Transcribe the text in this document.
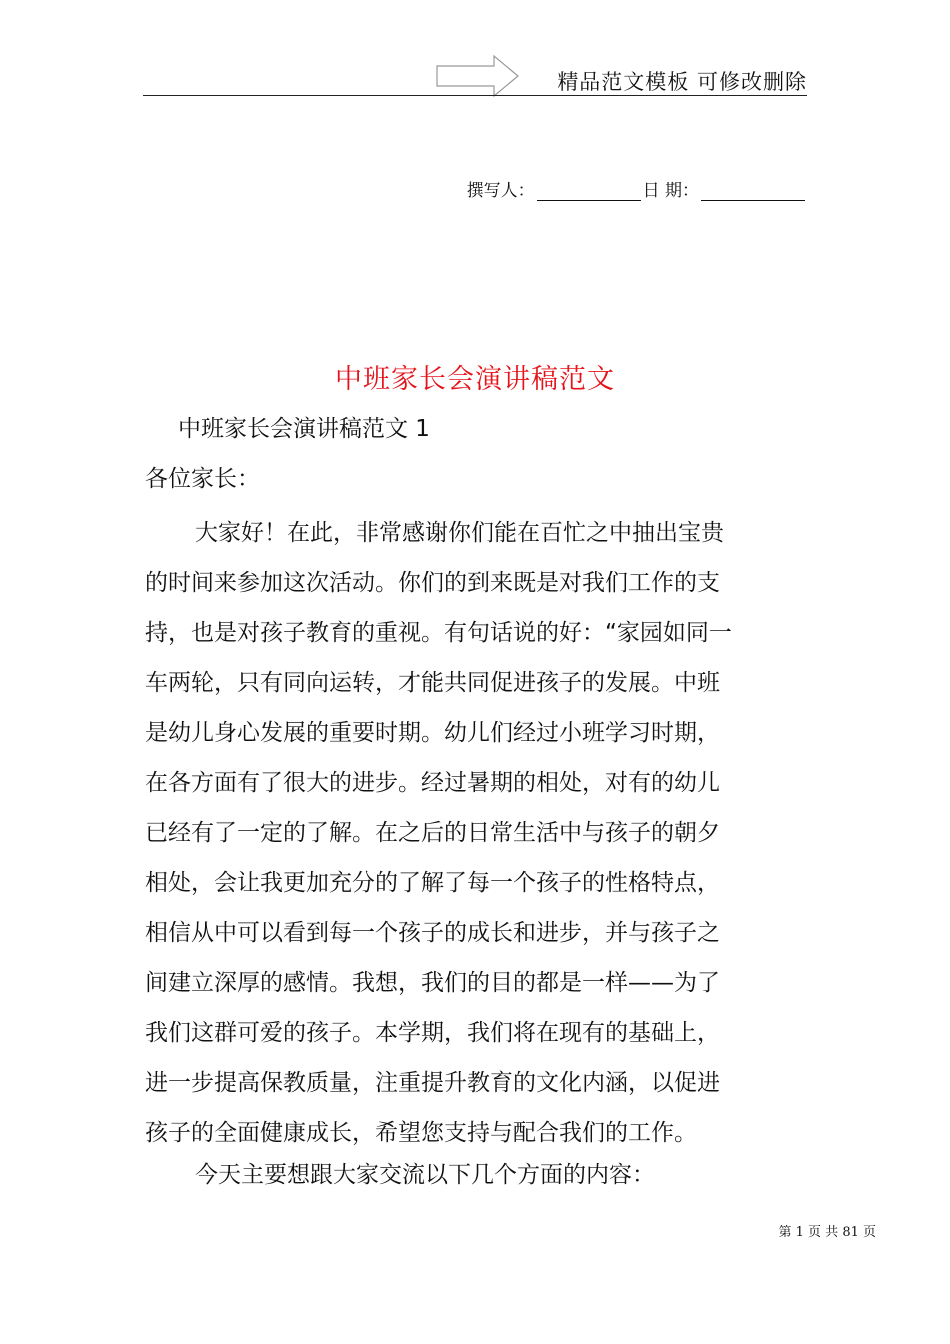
精品范文模板 可修改删除
撰写人：	日 期：
中班家长会演讲稿范文
中班家长会演讲稿范文 1
各位家长：
大家好！在此，非常感谢你们能在百忙之中抽出宝贵
的时间来参加这次活动。你们的到来既是对我们工作的支
持，也是对孩子教育的重视。有句话说的好：“家园如同一
车两轮，只有同向运转，才能共同促进孩子的发展。中班
是幼儿身心发展的重要时期。幼儿们经过小班学习时期，
在各方面有了很大的进步。经过暑期的相处，对有的幼儿
已经有了一定的了解。在之后的日常生活中与孩子的朝夕
相处，会让我更加充分的了解了每一个孩子的性格特点，
相信从中可以看到每一个孩子的成长和进步，并与孩子之
间建立深厚的感情。我想，我们的目的都是一样——为了
我们这群可爱的孩子。本学期，我们将在现有的基础上，
进一步提高保教质量，注重提升教育的文化内涵，以促进
孩子的全面健康成长，希望您支持与配合我们的工作。
今天主要想跟大家交流以下几个方面的内容：
第 1 页 共 81 页
